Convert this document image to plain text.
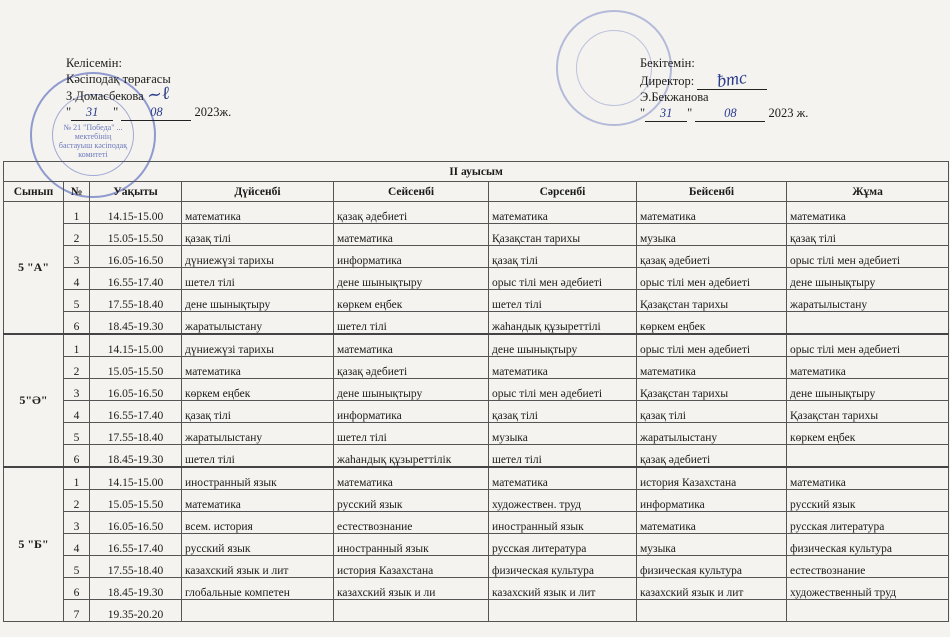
№ 21 "Победа" ... мектебінің бастауыш кәсіподақ комитеті
Келісемін:
Кәсіподақ төрағасы
З.Домасбекова ∼ℓ
" 31 "	08	2023ж.
Бекітемін:
Директор: ƀтс
Э.Бекжанова
" 31 "	08	2023 ж.
II ауысым							
Сынып	№	Уақыты	Дүйсенбі	Сейсенбі	Сәрсенбі	Бейсенбі	Жұма
5 "А"	1	14.15-15.00	математика	қазақ әдебиеті	математика	математика	математика
	2	15.05-15.50	қазақ тілі	математика	Қазақстан тарихы	музыка	қазақ тілі
	3	16.05-16.50	дүниежүзі тарихы	информатика	қазақ тілі	қазақ әдебиеті	орыс тілі мен әдебиеті
	4	16.55-17.40	шетел тілі	дене шынықтыру	орыс тілі мен әдебиеті	орыс тілі мен әдебиеті	дене шынықтыру
	5	17.55-18.40	дене шынықтыру	көркем еңбек	шетел тілі	Қазақстан тарихы	жаратылыстану
	6	18.45-19.30	жаратылыстану	шетел тілі	жаһандық құзыреттілі	көркем еңбек	
5"Ә"	1	14.15-15.00	дүниежүзі тарихы	математика	дене шынықтыру	орыс тілі мен әдебиеті	орыс тілі мен әдебиеті
	2	15.05-15.50	математика	қазақ әдебиеті	математика	математика	математика
	3	16.05-16.50	көркем еңбек	дене шынықтыру	орыс тілі мен әдебиеті	Қазақстан тарихы	дене шынықтыру
	4	16.55-17.40	қазақ тілі	информатика	қазақ тілі	қазақ тілі	Қазақстан тарихы
	5	17.55-18.40	жаратылыстану	шетел тілі	музыка	жаратылыстану	көркем еңбек
	6	18.45-19.30	шетел тілі	жаһандық құзыреттілік	шетел тілі	қазақ әдебиеті	
5 "Б"	1	14.15-15.00	иностранный язык	математика	математика	история Казахстана	математика
	2	15.05-15.50	математика	русский язык	художествен. труд	информатика	русский язык
	3	16.05-16.50	всем. история	естествознание	иностранный язык	математика	русская литература
	4	16.55-17.40	русский язык	иностранный язык	русская литература	музыка	физическая культура
	5	17.55-18.40	казахский язык и лит	история Казахстана	физическая культура	физическая культура	естествознание
	6	18.45-19.30	глобальные компетен	казахский язык и ли	казахский язык и лит	казахский язык и лит	художественный труд
	7	19.35-20.20					
